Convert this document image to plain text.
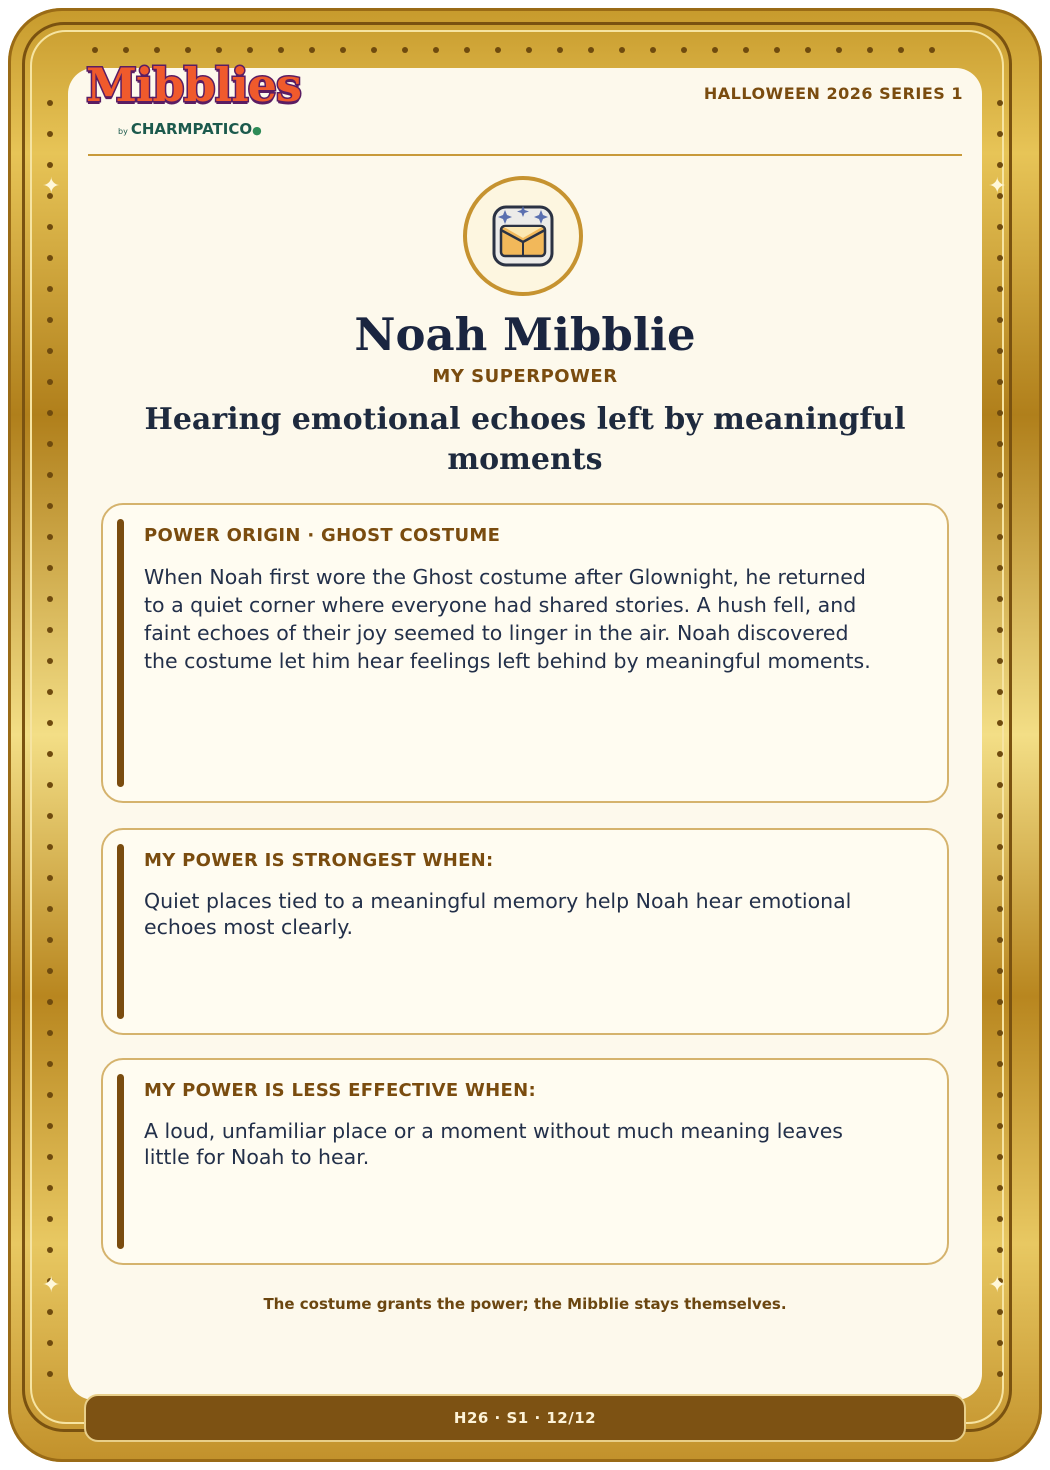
✦	✦
✦	✦
Mibblies
by CHARMPATICO●
HALLOWEEN 2026 SERIES 1
Noah Mibblie
MY SUPERPOWER
Hearing emotional echoes left by meaningful moments
POWER ORIGIN · GHOST COSTUME
When Noah first wore the Ghost costume after Glownight, he returned to a quiet corner where everyone had shared stories. A hush fell, and faint echoes of their joy seemed to linger in the air. Noah discovered the costume let him hear feelings left behind by meaningful moments.
MY POWER IS STRONGEST WHEN:
Quiet places tied to a meaningful memory help Noah hear emotional echoes most clearly.
MY POWER IS LESS EFFECTIVE WHEN:
A loud, unfamiliar place or a moment without much meaning leaves little for Noah to hear.
The costume grants the power; the Mibblie stays themselves.
H26 · S1 · 12/12
